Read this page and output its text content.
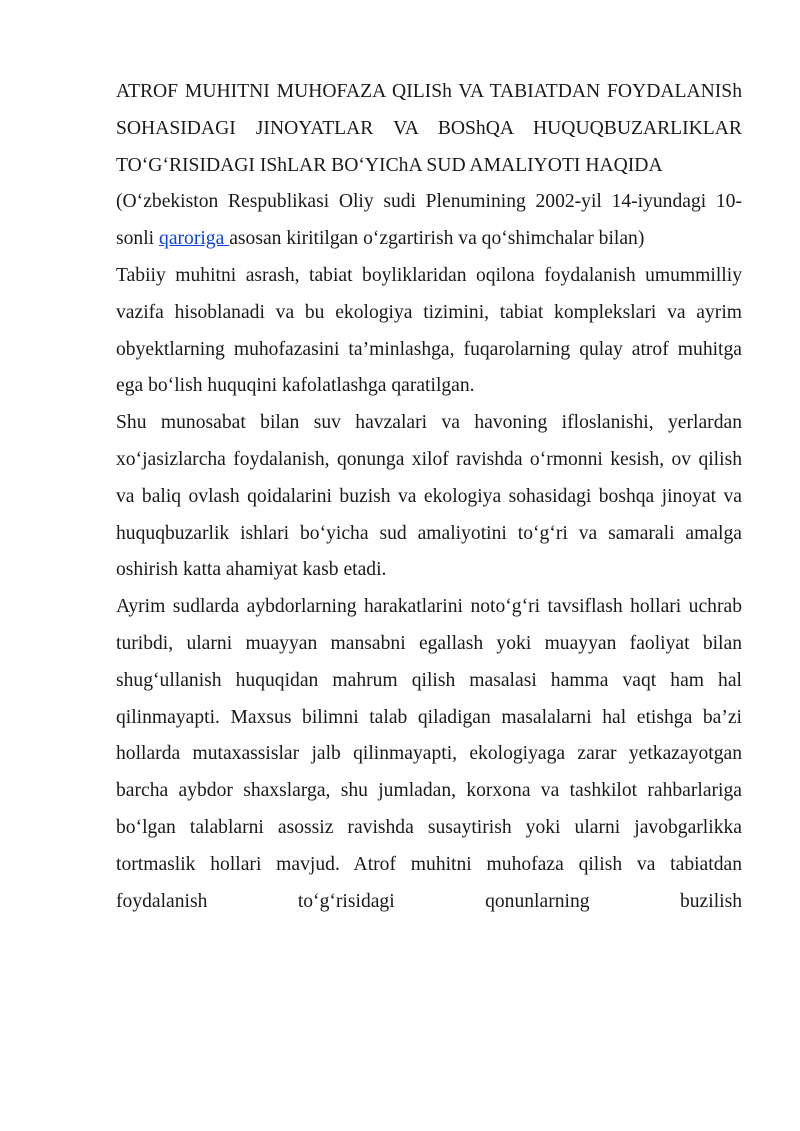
ATROF MUHITNI MUHOFAZA QILISh VA TABIATDAN FOYDALANISh SOHASIDAGI JINOYATLAR VA BOShQA HUQUQBUZARLIKLAR TO‘G‘RISIDAGI IShLAR BO‘YIChA SUD AMALIYOTI HAQIDA

(O‘zbekiston Respublikasi Oliy sudi Plenumining 2002-yil 14-iyundagi 10-sonli qaroriga asosan kiritilgan o‘zgartirish va qo‘shimchalar bilan)

Tabiiy muhitni asrash, tabiat boyliklaridan oqilona foydalanish umummilliy vazifa hisoblanadi va bu ekologiya tizimini, tabiat komplekslari va ayrim obyektlarning muhofazasini ta’minlashga, fuqarolarning qulay atrof muhitga ega bo‘lish huquqini kafolatlashga qaratilgan.

Shu munosabat bilan suv havzalari va havoning ifloslanishi, yerlardan xo‘jasizlarcha foydalanish, qonunga xilof ravishda o‘rmonni kesish, ov qilish va baliq ovlash qoidalarini buzish va ekologiya sohasidagi boshqa jinoyat va huquqbuzarlik ishlari bo‘yicha sud amaliyotini to‘g‘ri va samarali amalga oshirish katta ahamiyat kasb etadi.

Ayrim sudlarda aybdorlarning harakatlarini noto‘g‘ri tavsiflash hollari uchrab turibdi, ularni muayyan mansabni egallash yoki muayyan faoliyat bilan shug‘ullanish huquqidan mahrum qilish masalasi hamma vaqt ham hal qilinmayapti. Maxsus bilimni talab qiladigan masalalarni hal etishga ba’zi hollarda mutaxassislar jalb qilinmayapti, ekologiyaga zarar yetkazayotgan barcha aybdor shaxslarga, shu jumladan, korxona va tashkilot rahbarlariga bo‘lgan talablarni asossiz ravishda susaytirish yoki ularni javobgarlikka tortmaslik hollari mavjud. Atrof muhitni muhofaza qilish va tabiatdan foydalanish to‘g‘risidagi qonunlarning buzilish
